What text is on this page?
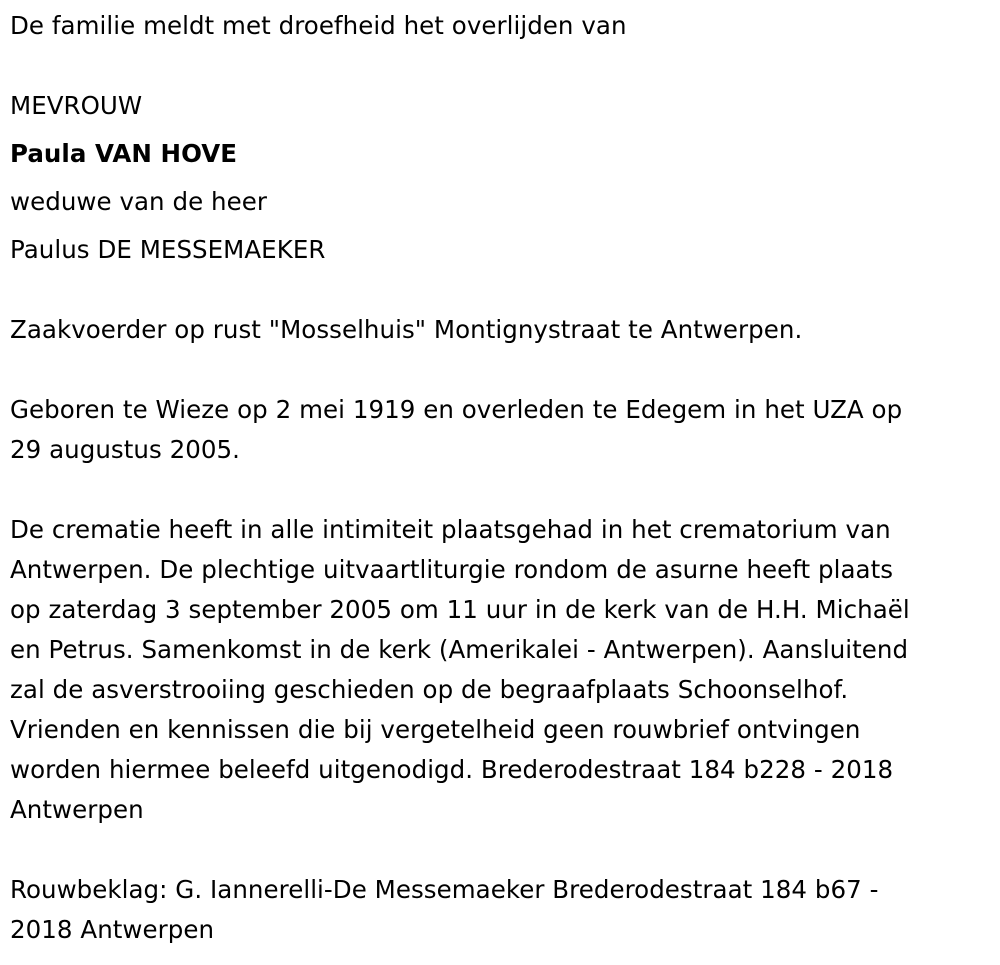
De familie meldt met droefheid het overlijden van

MEVROUW

Paula VAN HOVE

weduwe van de heer

Paulus DE MESSEMAEKER

Zaakvoerder op rust "Mosselhuis" Montignystraat te Antwerpen.

Geboren te Wieze op 2 mei 1919 en overleden te Edegem in het UZA op

29 augustus 2005.

De crematie heeft in alle intimiteit plaatsgehad in het crematorium van

Antwerpen. De plechtige uitvaartliturgie rondom de asurne heeft plaats

op zaterdag 3 september 2005 om 11 uur in de kerk van de H.H. Michaël

en Petrus. Samenkomst in de kerk (Amerikalei - Antwerpen). Aansluitend

zal de asverstrooiing geschieden op de begraafplaats Schoonselhof.

Vrienden en kennissen die bij vergetelheid geen rouwbrief ontvingen

worden hiermee beleefd uitgenodigd. Brederodestraat 184 b228 - 2018

Antwerpen

Rouwbeklag: G. Iannerelli-De Messemaeker Brederodestraat 184 b67 -

2018 Antwerpen
